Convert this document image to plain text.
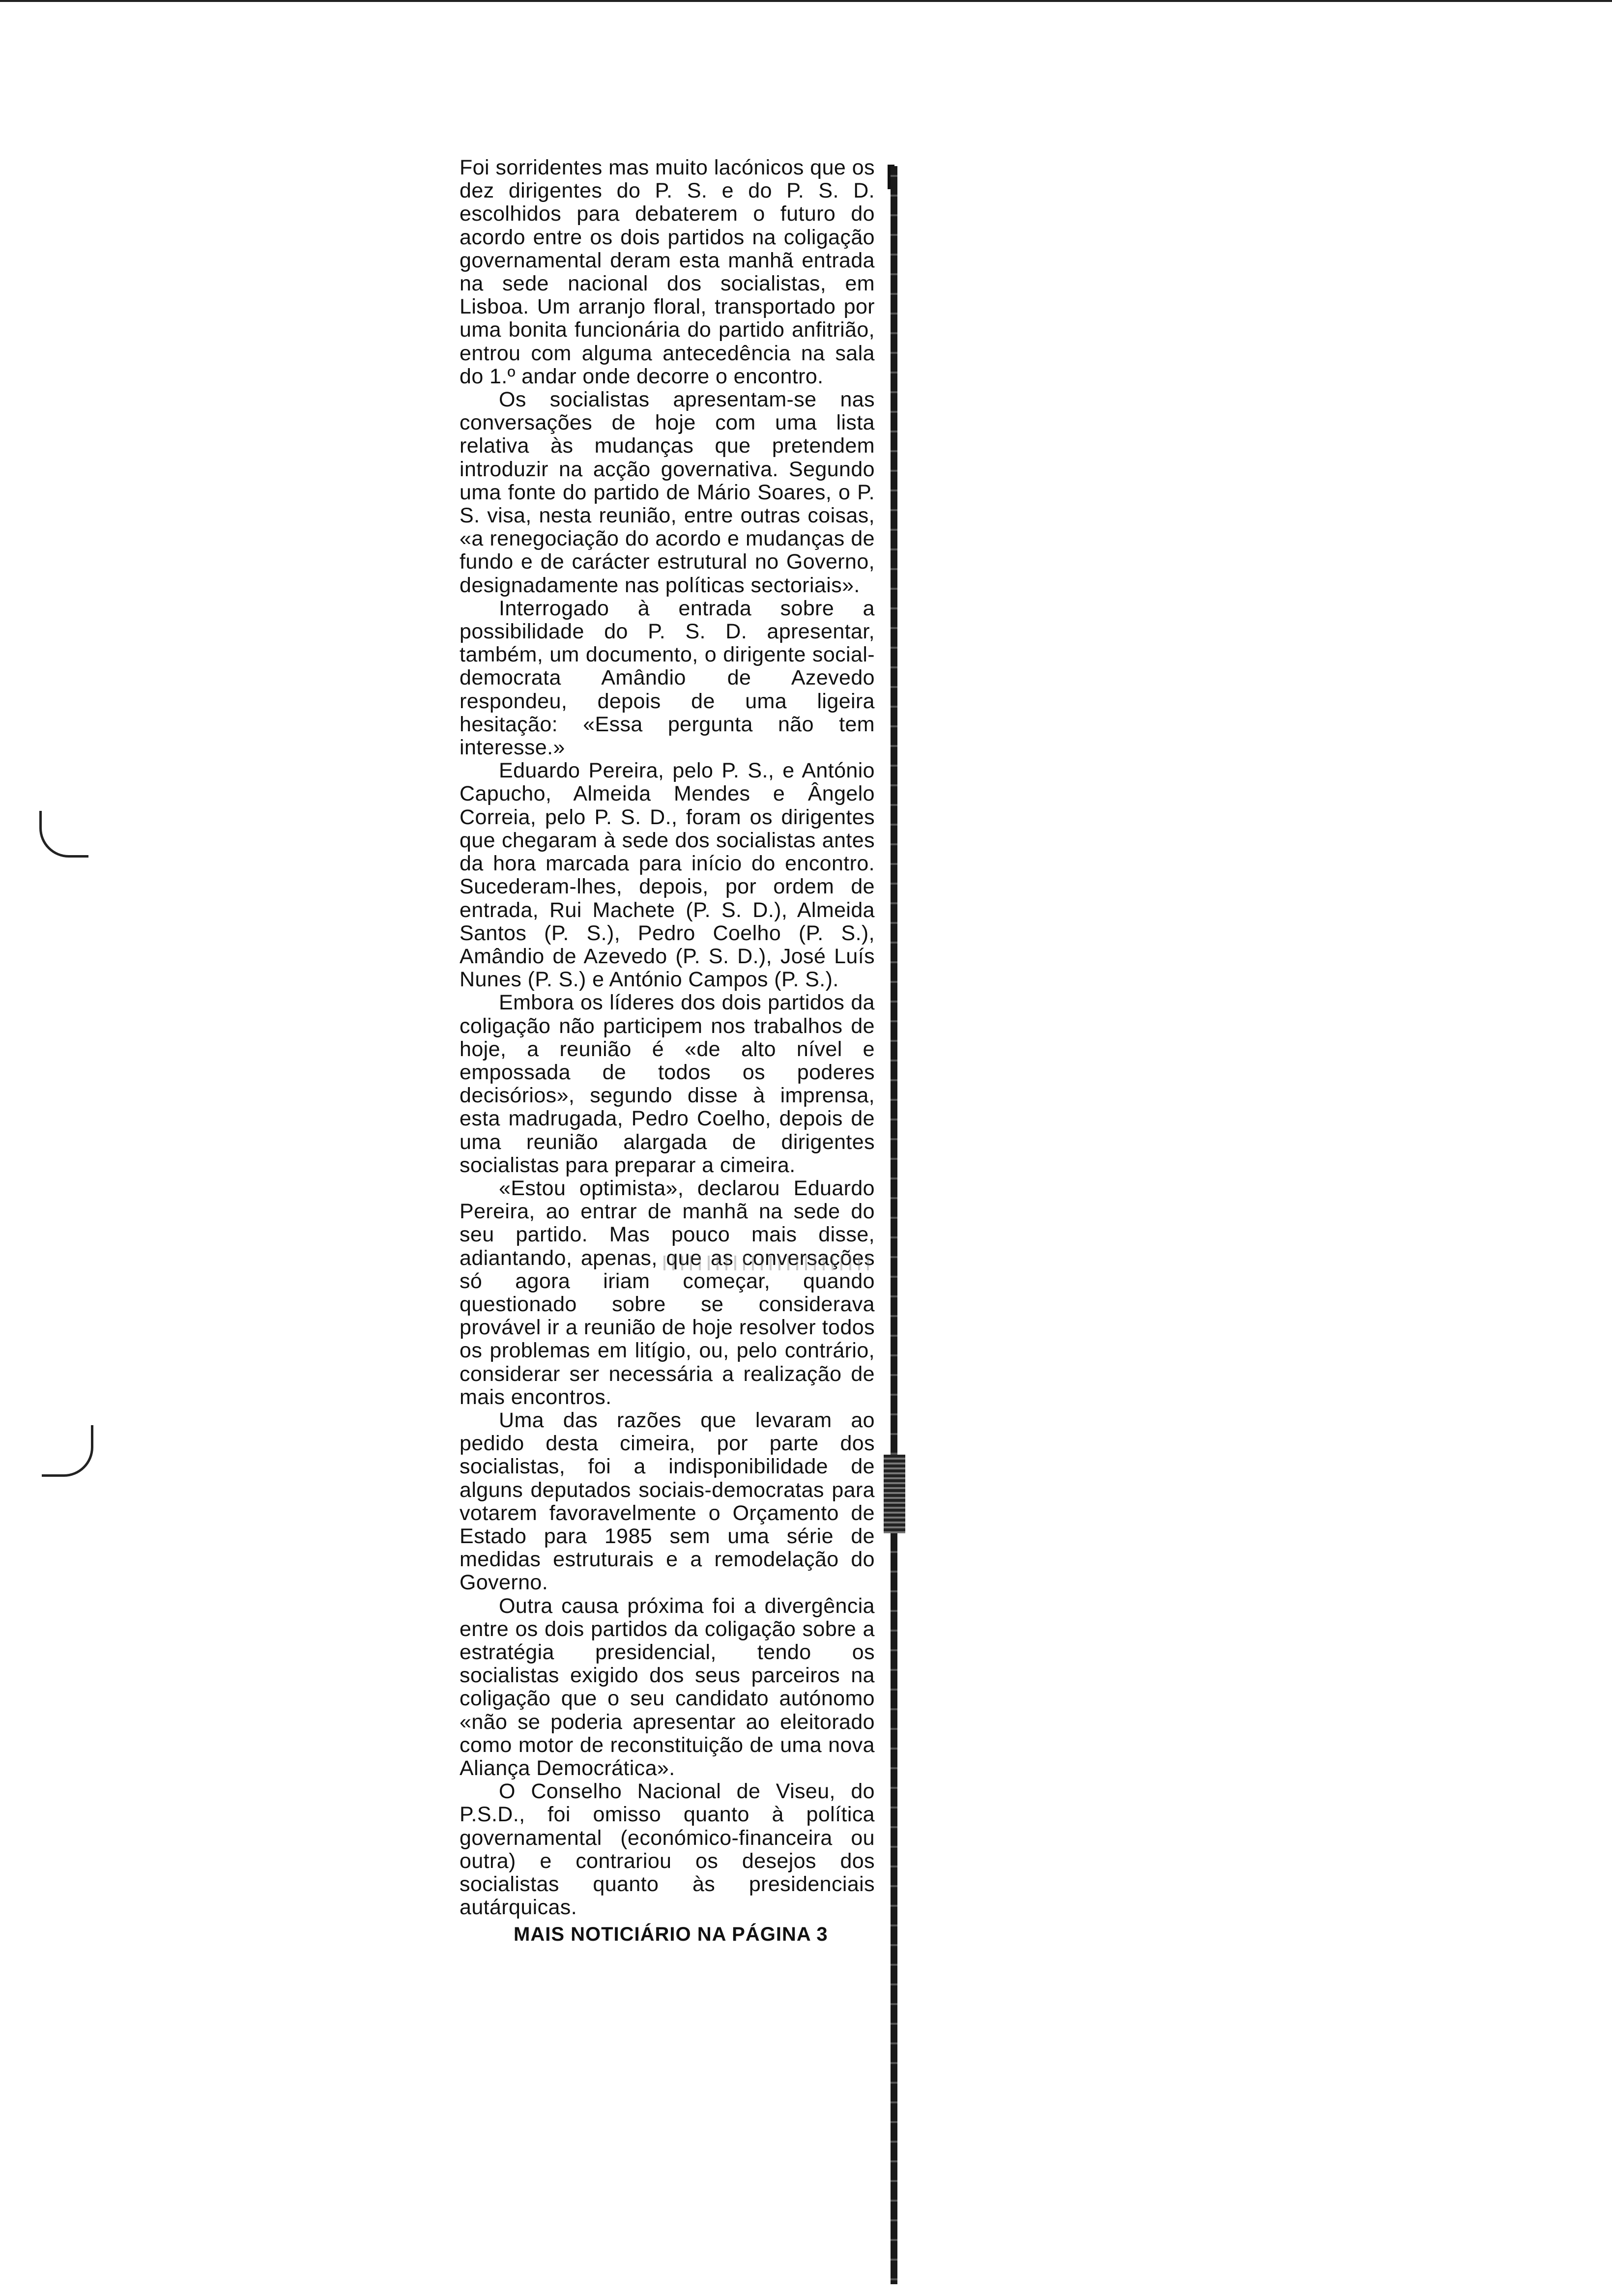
Foi sorridentes mas muito lacónicos que os dez dirigentes do P. S. e do P. S. D. escolhidos para debaterem o futuro do acordo entre os dois partidos na coligação governamental deram esta manhã entrada na sede nacional dos socialistas, em Lisboa. Um arranjo floral, transportado por uma bonita funcionária do partido anfitrião, entrou com alguma antecedência na sala do 1.º andar onde decorre o encontro.

Os socialistas apresentam-se nas conversações de hoje com uma lista relativa às mudanças que pretendem introduzir na acção governativa. Segundo uma fonte do partido de Mário Soares, o P. S. visa, nesta reunião, entre outras coisas, «a renegociação do acordo e mudanças de fundo e de carácter estrutural no Governo, designadamente nas políticas sectoriais».

Interrogado à entrada sobre a possibilidade do P. S. D. apresentar, também, um documento, o dirigente social-democrata Amândio de Azevedo respondeu, depois de uma ligeira hesitação: «Essa pergunta não tem interesse.»

Eduardo Pereira, pelo P. S., e António Capucho, Almeida Mendes e Ângelo Correia, pelo P. S. D., foram os dirigentes que chegaram à sede dos socialistas antes da hora marcada para início do encontro. Sucederam-lhes, depois, por ordem de entrada, Rui Machete (P. S. D.), Almeida Santos (P. S.), Pedro Coelho (P. S.), Amândio de Azevedo (P. S. D.), José Luís Nunes (P. S.) e António Campos (P. S.).

Embora os líderes dos dois partidos da coligação não participem nos trabalhos de hoje, a reunião é «de alto nível e empossada de todos os poderes decisórios», segundo disse à imprensa, esta madrugada, Pedro Coelho, depois de uma reunião alargada de dirigentes socialistas para preparar a cimeira.

«Estou optimista», declarou Eduardo Pereira, ao entrar de manhã na sede do seu partido. Mas pouco mais disse, adiantando, apenas, que as conversações só agora iriam começar, quando questionado sobre se considerava provável ir a reunião de hoje resolver todos os problemas em litígio, ou, pelo contrário, considerar ser necessária a realização de mais encontros.

Uma das razões que levaram ao pedido desta cimeira, por parte dos socialistas, foi a indisponibilidade de alguns deputados sociais-democratas para votarem favoravelmente o Orçamento de Estado para 1985 sem uma série de medidas estruturais e a remodelação do Governo.

Outra causa próxima foi a divergência entre os dois partidos da coligação sobre a estratégia presidencial, tendo os socialistas exigido dos seus parceiros na coligação que o seu candidato autónomo «não se poderia apresentar ao eleitorado como motor de reconstituição de uma nova Aliança Democrática».

O Conselho Nacional de Viseu, do P.S.D., foi omisso quanto à política governamental (económico-financeira ou outra) e contrariou os desejos dos socialistas quanto às presidenciais autárquicas.

MAIS NOTICIÁRIO NA PÁGINA 3
